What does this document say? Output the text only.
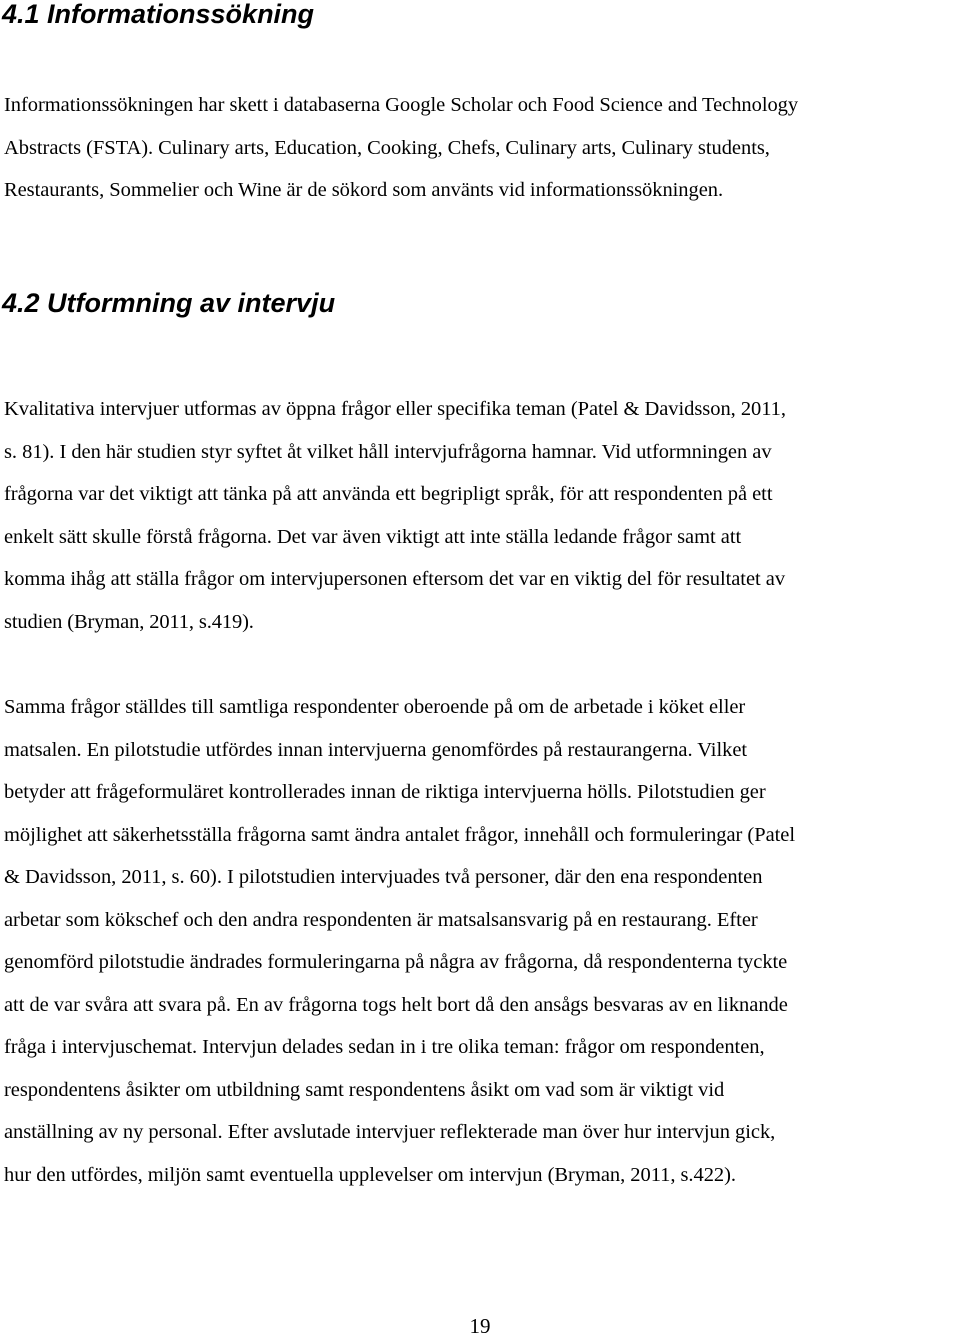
4.1 Informationssökning

Informationssökningen har skett i databaserna Google Scholar och Food Science and Technology
Abstracts (FSTA). Culinary arts, Education, Cooking, Chefs, Culinary arts, Culinary students,
Restaurants, Sommelier och Wine är de sökord som använts vid informationssökningen.

4.2 Utformning av intervju

Kvalitativa intervjuer utformas av öppna frågor eller specifika teman (Patel & Davidsson, 2011,
s. 81). I den här studien styr syftet åt vilket håll intervjufrågorna hamnar. Vid utformningen av
frågorna var det viktigt att tänka på att använda ett begripligt språk, för att respondenten på ett
enkelt sätt skulle förstå frågorna. Det var även viktigt att inte ställa ledande frågor samt att
komma ihåg att ställa frågor om intervjupersonen eftersom det var en viktig del för resultatet av
studien (Bryman, 2011, s.419).

Samma frågor ställdes till samtliga respondenter oberoende på om de arbetade i köket eller
matsalen. En pilotstudie utfördes innan intervjuerna genomfördes på restaurangerna. Vilket
betyder att frågeformuläret kontrollerades innan de riktiga intervjuerna hölls. Pilotstudien ger
möjlighet att säkerhetsställa frågorna samt ändra antalet frågor, innehåll och formuleringar (Patel
& Davidsson, 2011, s. 60). I pilotstudien intervjuades två personer, där den ena respondenten
arbetar som kökschef och den andra respondenten är matsalsansvarig på en restaurang. Efter
genomförd pilotstudie ändrades formuleringarna på några av frågorna, då respondenterna tyckte
att de var svåra att svara på. En av frågorna togs helt bort då den ansågs besvaras av en liknande
fråga i intervjuschemat. Intervjun delades sedan in i tre olika teman: frågor om respondenten,
respondentens åsikter om utbildning samt respondentens åsikt om vad som är viktigt vid
anställning av ny personal. Efter avslutade intervjuer reflekterade man över hur intervjun gick,
hur den utfördes, miljön samt eventuella upplevelser om intervjun (Bryman, 2011, s.422).

19
